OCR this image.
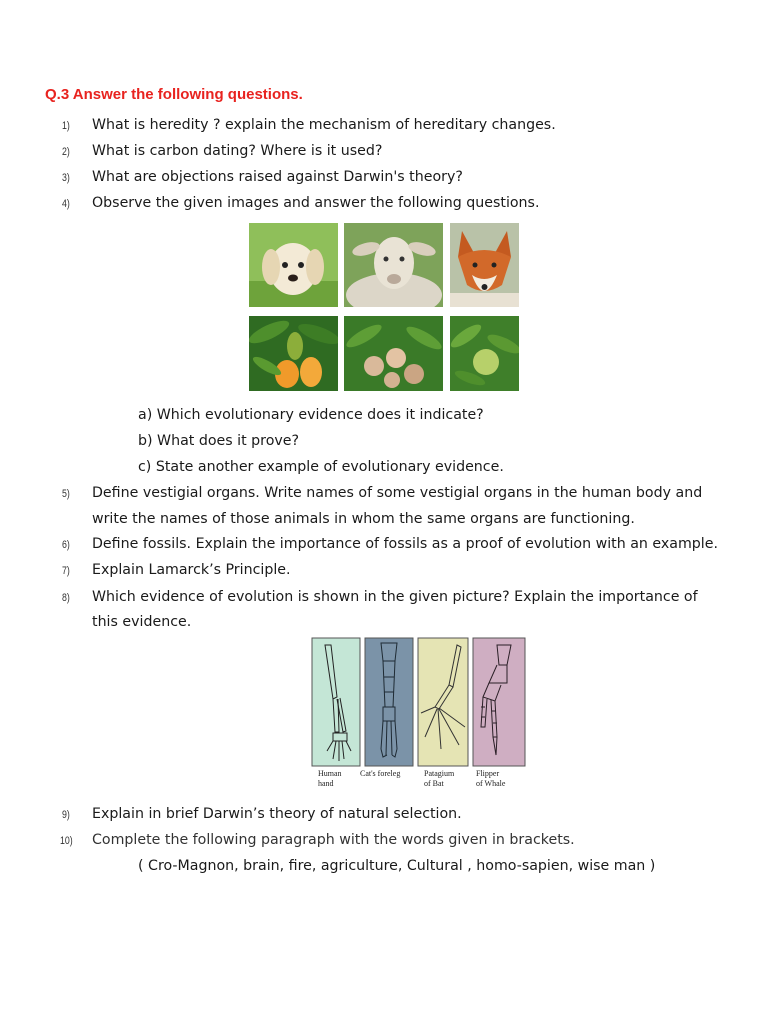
Q.3 Answer the following questions.
1) What is heredity ? explain the mechanism of hereditary changes.
2) What is carbon dating? Where is it used?
3) What are objections raised against Darwin's theory?
4) Observe the given images and answer the following questions.
a) Which evolutionary evidence does it indicate?
b) What does it prove?
c) State another example of evolutionary evidence.
5) Define vestigial organs. Write names of some vestigial organs in the human body and
write the names of those animals in whom the same organs are functioning.
6) Define fossils. Explain the importance of fossils as a proof of evolution with an example.
7) Explain Lamarck’s Principle.
8) Which evidence of evolution is shown in the given picture? Explain the importance of
this evidence.
Human
hand
Cat's foreleg	Patagium
of Bat
Flipper
of Whale
9) Explain in brief Darwin’s theory of natural selection.
10) Complete the following paragraph with the words given in brackets.
( Cro-Magnon, brain, fire, agriculture, Cultural , homo-sapien, wise man )
